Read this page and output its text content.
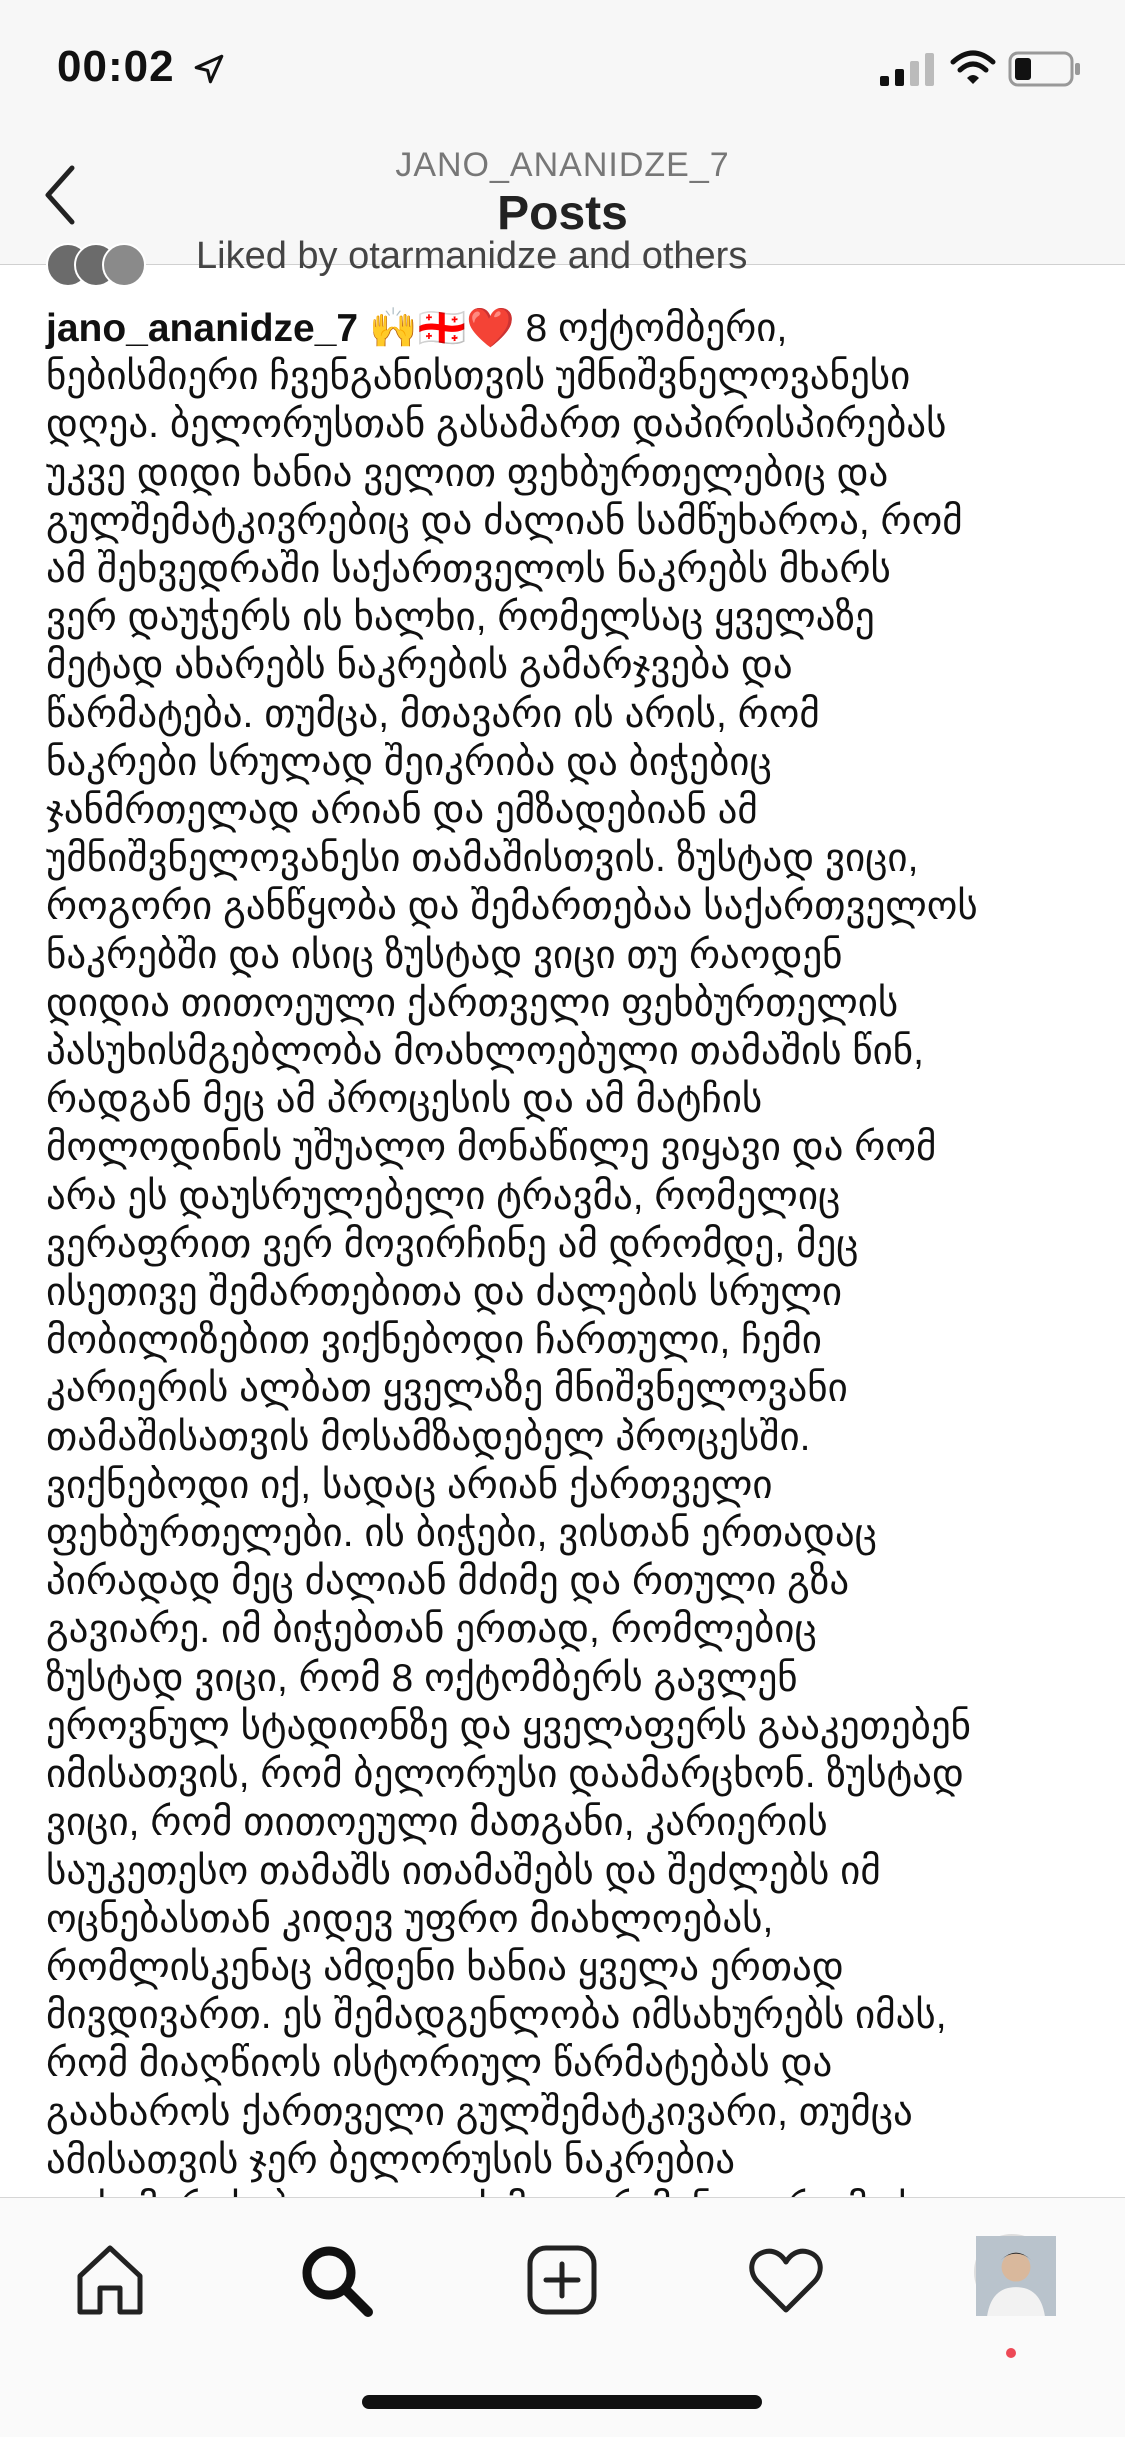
00:02
JANO_ANANIDZE_7
Posts
Liked by otarmanidze and others
jano_ananidze_7 🙌🇬🇪❤️ 8 ოქტომბერი,
ნებისმიერი ჩვენგანისთვის უმნიშვნელოვანესი
დღეა. ბელორუსთან გასამართ დაპირისპირებას
უკვე დიდი ხანია ველით ფეხბურთელებიც და
გულშემატკივრებიც და ძალიან სამწუხაროა, რომ
ამ შეხვედრაში საქართველოს ნაკრებს მხარს
ვერ დაუჭერს ის ხალხი, რომელსაც ყველაზე
მეტად ახარებს ნაკრების გამარჯვება და
წარმატება. თუმცა, მთავარი ის არის, რომ
ნაკრები სრულად შეიკრიბა და ბიჭებიც
ჯანმრთელად არიან და ემზადებიან ამ
უმნიშვნელოვანესი თამაშისთვის. ზუსტად ვიცი,
როგორი განწყობა და შემართებაა საქართველოს
ნაკრებში და ისიც ზუსტად ვიცი თუ რაოდენ
დიდია თითოეული ქართველი ფეხბურთელის
პასუხისმგებლობა მოახლოებული თამაშის წინ,
რადგან მეც ამ პროცესის და ამ მატჩის
მოლოდინის უშუალო მონაწილე ვიყავი და რომ
არა ეს დაუსრულებელი ტრავმა, რომელიც
ვერაფრით ვერ მოვირჩინე ამ დრომდე, მეც
ისეთივე შემართებითა და ძალების სრული
მობილიზებით ვიქნებოდი ჩართული, ჩემი
კარიერის ალბათ ყველაზე მნიშვნელოვანი
თამაშისათვის მოსამზადებელ პროცესში.
ვიქნებოდი იქ, სადაც არიან ქართველი
ფეხბურთელები. ის ბიჭები, ვისთან ერთადაც
პირადად მეც ძალიან მძიმე და რთული გზა
გავიარე. იმ ბიჭებთან ერთად, რომლებიც
ზუსტად ვიცი, რომ 8 ოქტომბერს გავლენ
ეროვნულ სტადიონზე და ყველაფერს გააკეთებენ
იმისათვის, რომ ბელორუსი დაამარცხონ. ზუსტად
ვიცი, რომ თითოეული მათგანი, კარიერის
საუკეთესო თამაშს ითამაშებს და შეძლებს იმ
ოცნებასთან კიდევ უფრო მიახლოებას,
რომლისკენაც ამდენი ხანია ყველა ერთად
მივდივართ. ეს შემადგენლობა იმსახურებს იმას,
რომ მიაღწიოს ისტორიულ წარმატებას და
გაახაროს ქართველი გულშემატკივარი, თუმცა
ამისათვის ჯერ ბელორუსის ნაკრებია
